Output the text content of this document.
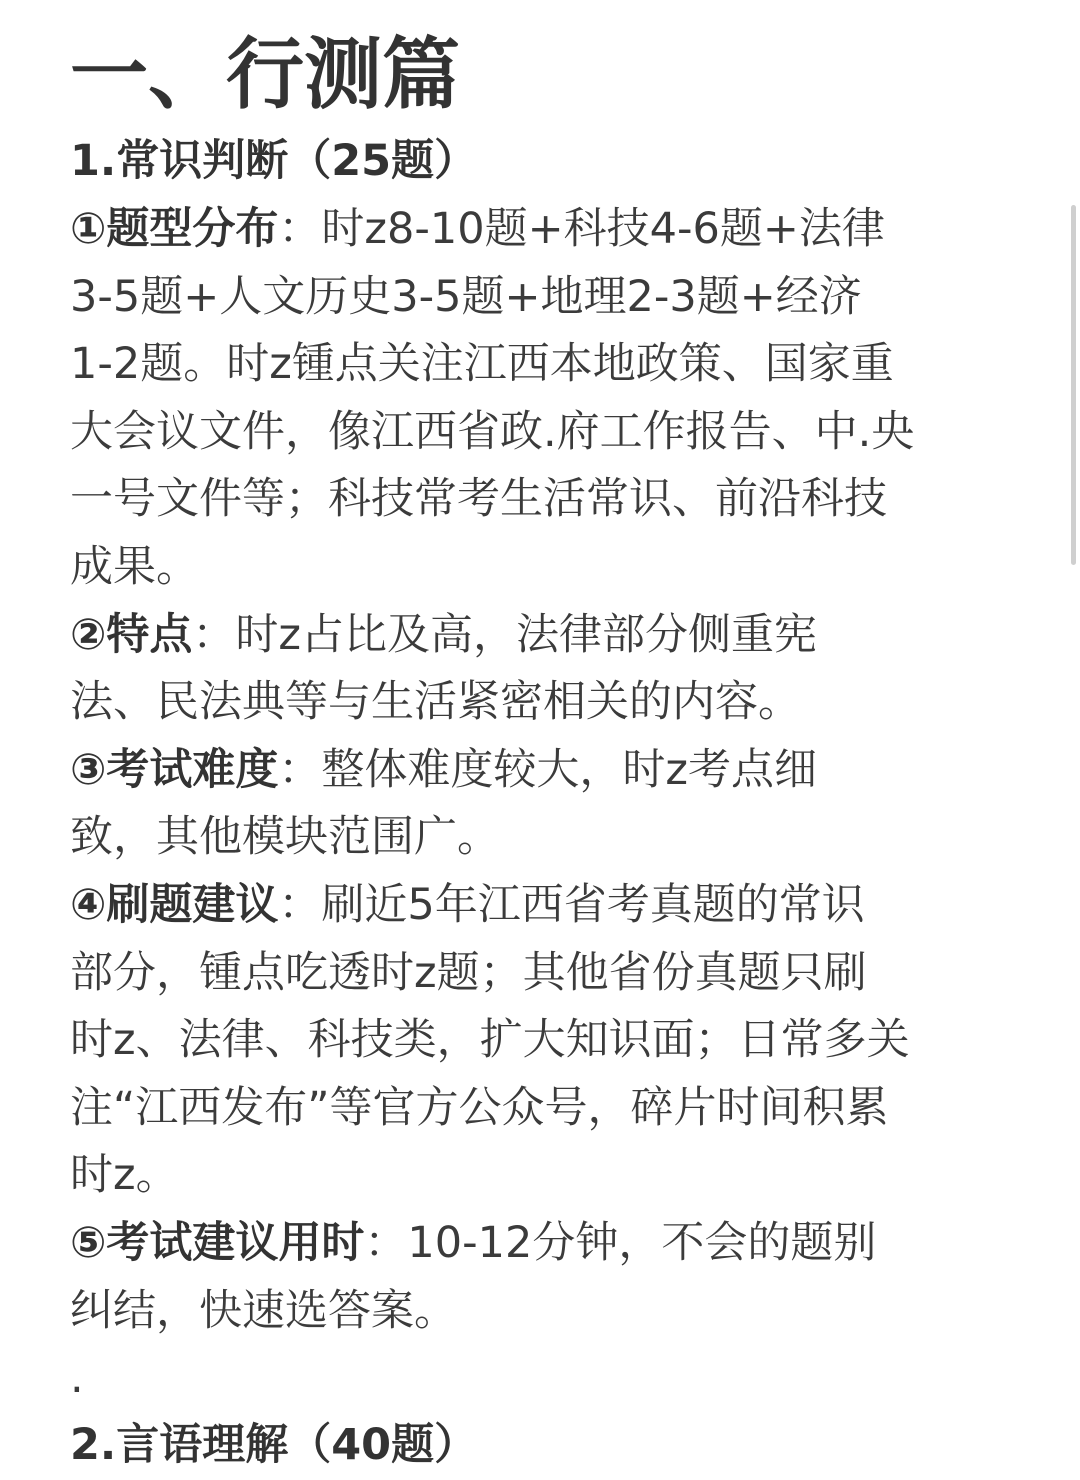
一、行测篇
1.常识判断（25题）
①题型分布：时z8-10题+科技4-6题+法律
3-5题+人文历史3-5题+地理2-3题+经济
1-2题。时z锺点关注江西本地政策、国家重
大会议文件，像江西省政.府工作报告、中.央
一号文件等；科技常考生活常识、前沿科技
成果。
②特点：时z占比及高，法律部分侧重宪
法、民法典等与生活紧密相关的内容。
③考试难度：整体难度较大，时z考点细
致，其他模块范围广。
④刷题建议：刷近5年江西省考真题的常识
部分，锺点吃透时z题；其他省份真题只刷
时z、法律、科技类，扩大知识面；日常多关
注“江西发布”等官方公众号，碎片时间积累
时z。
⑤考试建议用时：10-12分钟，不会的题别
纠结，快速选答案。

.

2.言语理解（40题）
